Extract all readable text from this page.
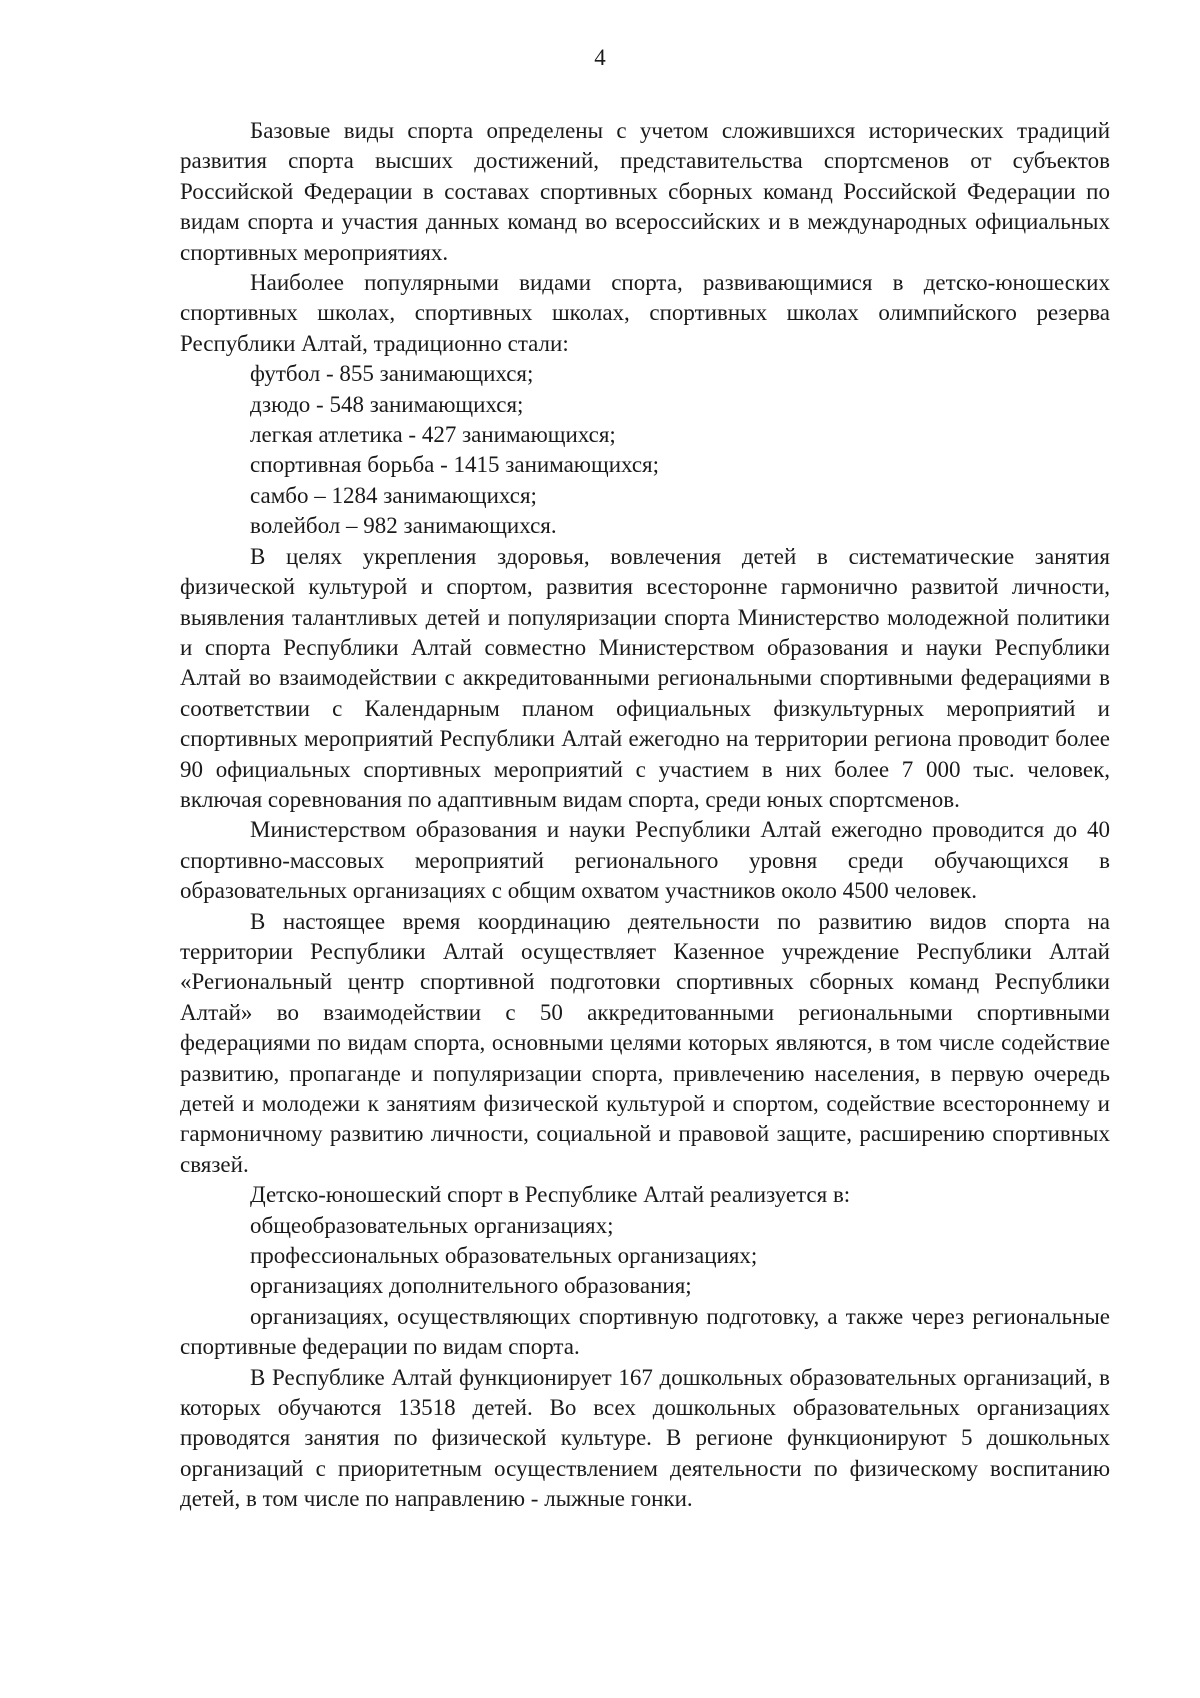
4

Базовые виды спорта определены с учетом сложившихся исторических традиций развития спорта высших достижений, представительства спортсменов от субъектов Российской Федерации в составах спортивных сборных команд Российской Федерации по видам спорта и участия данных команд во всероссийских и в международных официальных спортивных мероприятиях.

Наиболее популярными видами спорта, развивающимися в детско-юношеских спортивных школах, спортивных школах, спортивных школах олимпийского резерва Республики Алтай, традиционно стали:

футбол - 855 занимающихся;

дзюдо - 548 занимающихся;

легкая атлетика - 427 занимающихся;

спортивная борьба - 1415 занимающихся;

самбо – 1284 занимающихся;

волейбол – 982 занимающихся.

В целях укрепления здоровья, вовлечения детей в систематические занятия физической культурой и спортом, развития всесторонне гармонично развитой личности, выявления талантливых детей и популяризации спорта Министерство молодежной политики и спорта Республики Алтай совместно Министерством образования и науки Республики Алтай во взаимодействии с аккредитованными региональными спортивными федерациями в соответствии с Календарным планом официальных физкультурных мероприятий и спортивных мероприятий Республики Алтай ежегодно на территории региона проводит более 90 официальных спортивных мероприятий с участием в них более 7 000 тыс. человек, включая соревнования по адаптивным видам спорта, среди юных спортсменов.

Министерством образования и науки Республики Алтай ежегодно проводится до 40 спортивно-массовых мероприятий регионального уровня среди обучающихся в образовательных организациях с общим охватом участников около 4500 человек.

В настоящее время координацию деятельности по развитию видов спорта на территории Республики Алтай осуществляет Казенное учреждение Республики Алтай «Региональный центр спортивной подготовки спортивных сборных команд Республики Алтай» во взаимодействии с 50 аккредитованными региональными спортивными федерациями по видам спорта, основными целями которых являются, в том числе содействие развитию, пропаганде и популяризации спорта, привлечению населения, в первую очередь детей и молодежи к занятиям физической культурой и спортом, содействие всестороннему и гармоничному развитию личности, социальной и правовой защите, расширению спортивных связей.

Детско-юношеский спорт в Республике Алтай реализуется в:

общеобразовательных организациях;

профессиональных образовательных организациях;

организациях дополнительного образования;

организациях, осуществляющих спортивную подготовку, а также через региональные спортивные федерации по видам спорта.

В Республике Алтай функционирует 167 дошкольных образовательных организаций, в которых обучаются 13518 детей. Во всех дошкольных образовательных организациях проводятся занятия по физической культуре. В регионе функционируют 5 дошкольных организаций с приоритетным осуществлением деятельности по физическому воспитанию детей, в том числе по направлению - лыжные гонки.
